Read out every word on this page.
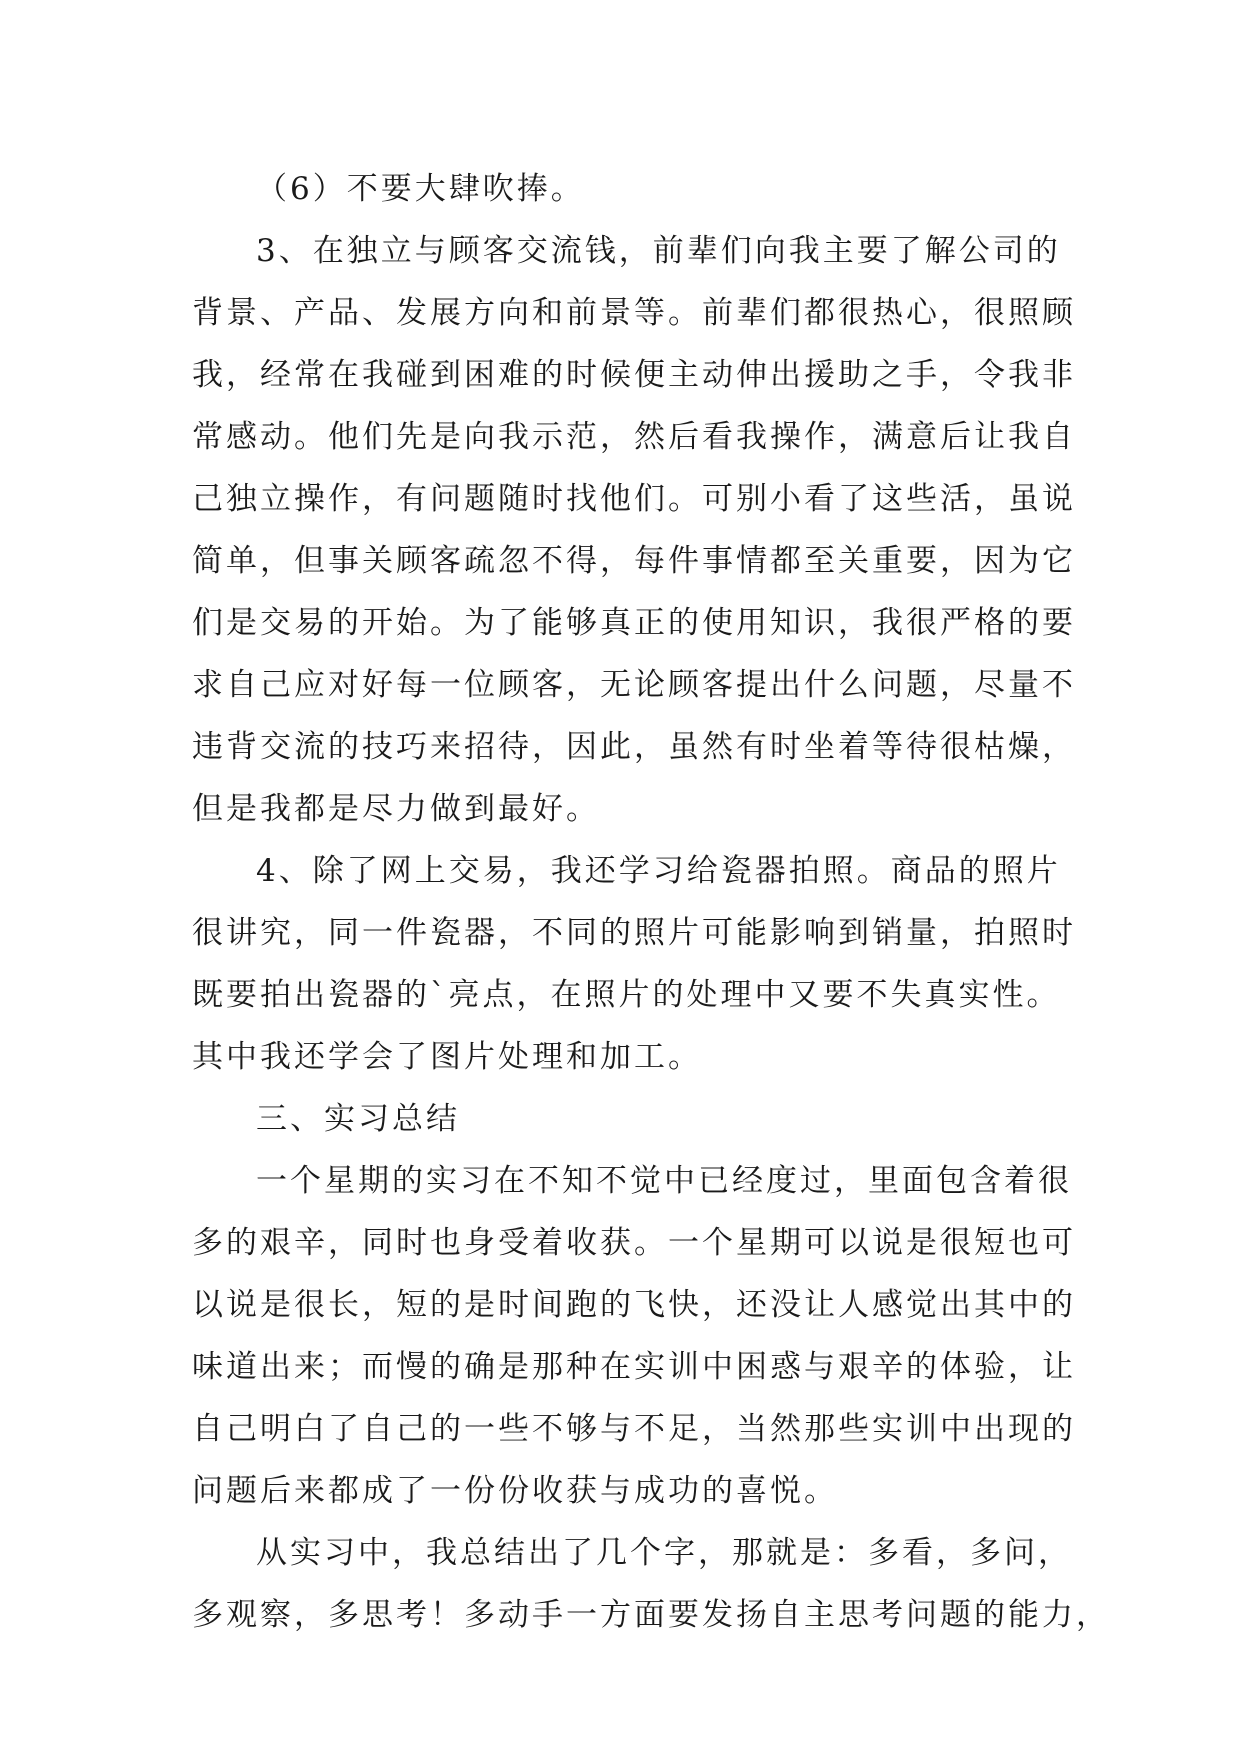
（6）不要大肆吹捧。
3、在独立与顾客交流钱，前辈们向我主要了解公司的
背景、产品、发展方向和前景等。前辈们都很热心，很照顾
我，经常在我碰到困难的时候便主动伸出援助之手，令我非
常感动。他们先是向我示范，然后看我操作，满意后让我自
己独立操作，有问题随时找他们。可别小看了这些活，虽说
简单，但事关顾客疏忽不得，每件事情都至关重要，因为它
们是交易的开始。为了能够真正的使用知识，我很严格的要
求自己应对好每一位顾客，无论顾客提出什么问题，尽量不
违背交流的技巧来招待，因此，虽然有时坐着等待很枯燥，
但是我都是尽力做到最好。
4、除了网上交易，我还学习给瓷器拍照。商品的照片
很讲究，同一件瓷器，不同的照片可能影响到销量，拍照时
既要拍出瓷器的`亮点，在照片的处理中又要不失真实性。
其中我还学会了图片处理和加工。
三、实习总结
一个星期的实习在不知不觉中已经度过，里面包含着很
多的艰辛，同时也身受着收获。一个星期可以说是很短也可
以说是很长，短的是时间跑的飞快，还没让人感觉出其中的
味道出来；而慢的确是那种在实训中困惑与艰辛的体验，让
自己明白了自己的一些不够与不足，当然那些实训中出现的
问题后来都成了一份份收获与成功的喜悦。
从实习中，我总结出了几个字，那就是：多看，多问，
多观察，多思考！多动手一方面要发扬自主思考问题的能力，
